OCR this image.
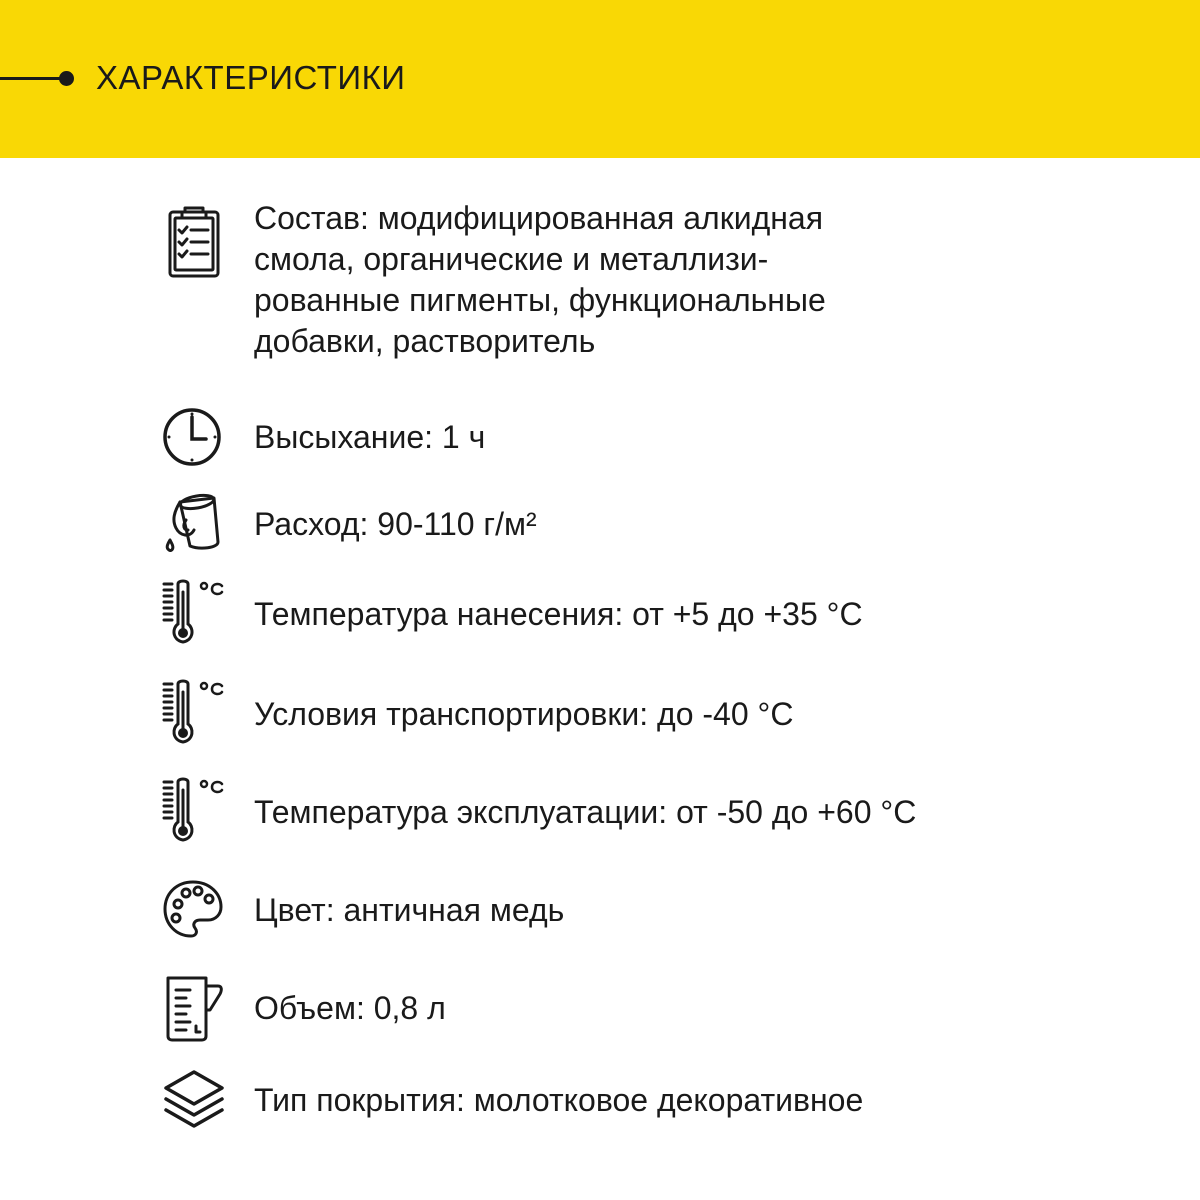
ХАРАКТЕРИСТИКИ
Состав: модифицированная алкидная
смола, органические и металлизи-
рованные пигменты, функциональные
добавки, растворитель
Высыхание: 1 ч
Расход: 90-110 г/м²
Температура нанесения: от +5 до +35 °С
Условия транспортировки: до -40 °С
Температура эксплуатации: от -50 до +60 °С
Цвет: античная медь
Объем: 0,8 л
Тип покрытия: молотковое декоративное
